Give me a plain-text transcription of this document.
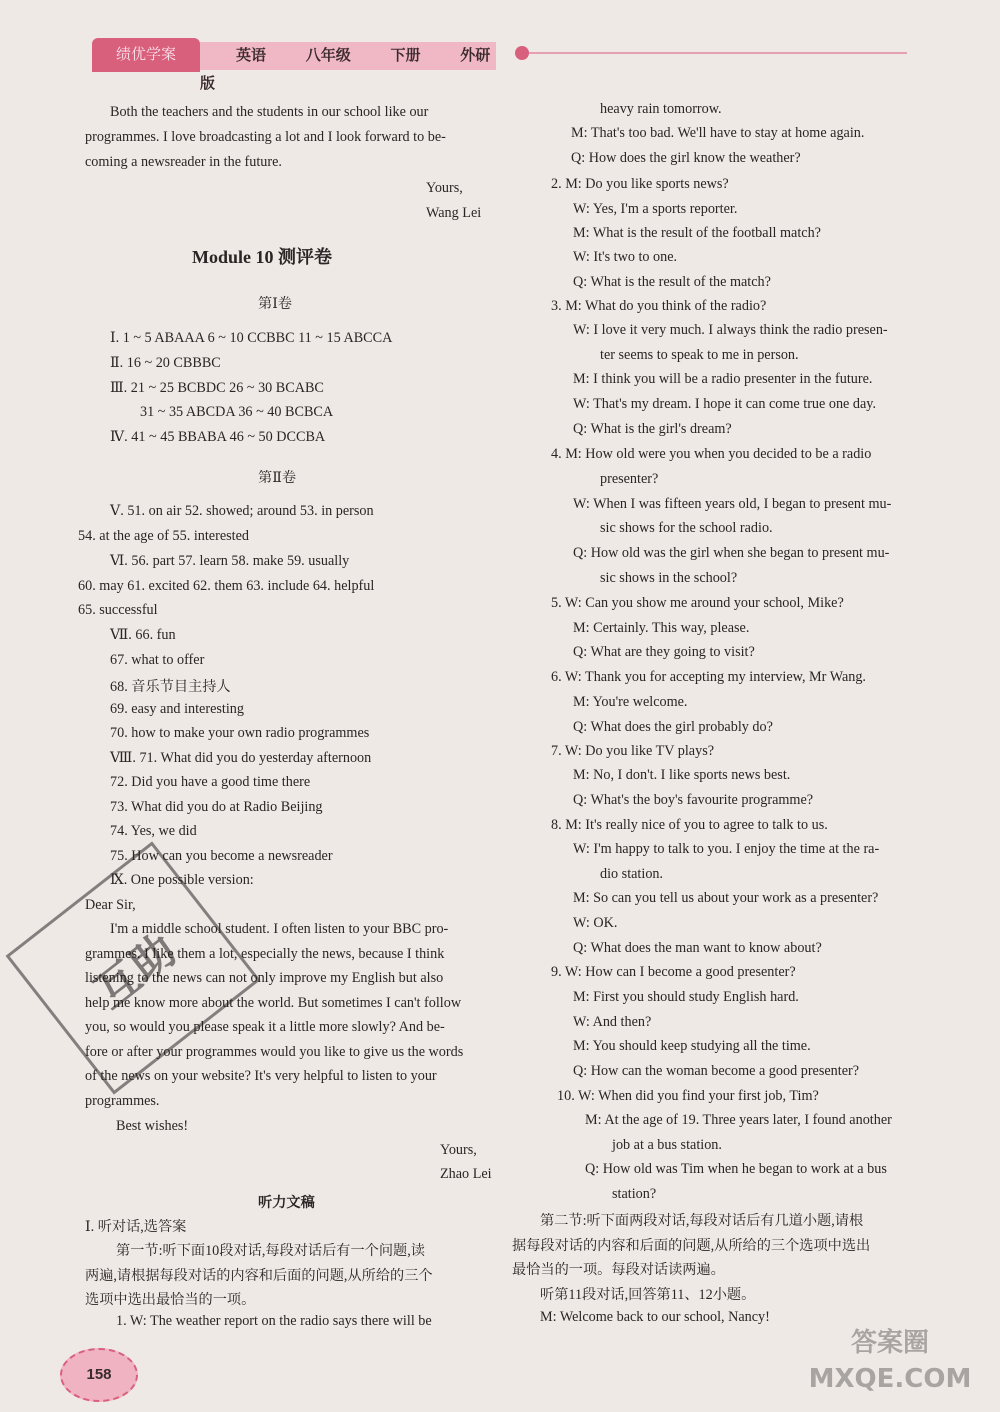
绩优学案	英语	八年级	下册	外研版
Both the teachers and the students in our school like our
programmes. I love broadcasting a lot and I look forward to be-
coming a newsreader in the future.
Yours,
Wang Lei
Module 10 测评卷
第Ⅰ卷
Ⅰ. 1 ~ 5 ABAAA 6 ~ 10 CCBBC 11 ~ 15 ABCCA
Ⅱ. 16 ~ 20 CBBBC
Ⅲ. 21 ~ 25 BCBDC 26 ~ 30 BCABC
31 ~ 35 ABCDA 36 ~ 40 BCBCA
Ⅳ. 41 ~ 45 BBABA 46 ~ 50 DCCBA
第Ⅱ卷
Ⅴ. 51. on air 52. showed; around 53. in person
54. at the age of 55. interested
Ⅵ. 56. part 57. learn 58. make 59. usually
60. may 61. excited 62. them 63. include 64. helpful
65. successful
Ⅶ. 66. fun
67. what to offer
68. 音乐节目主持人
69. easy and interesting
70. how to make your own radio programmes
Ⅷ. 71. What did you do yesterday afternoon
72. Did you have a good time there
73. What did you do at Radio Beijing
74. Yes, we did
75. How can you become a newsreader
Ⅸ. One possible version:
Dear Sir,
I'm a middle school student. I often listen to your BBC pro-
grammes. I like them a lot, especially the news, because I think
listening to the news can not only improve my English but also
help me know more about the world. But sometimes I can't follow
you, so would you please speak it a little more slowly? And be-
fore or after your programmes would you like to give us the words
of the news on your website? It's very helpful to listen to your
programmes.
Best wishes!
Yours,
Zhao Lei
听力文稿
Ⅰ. 听对话,选答案
第一节:听下面10段对话,每段对话后有一个问题,读
两遍,请根据每段对话的内容和后面的问题,从所给的三个
选项中选出最恰当的一项。
1. W: The weather report on the radio says there will be
heavy rain tomorrow.
M: That's too bad. We'll have to stay at home again.
Q: How does the girl know the weather?
2. M: Do you like sports news?
W: Yes, I'm a sports reporter.
M: What is the result of the football match?
W: It's two to one.
Q: What is the result of the match?
3. M: What do you think of the radio?
W: I love it very much. I always think the radio presen-
ter seems to speak to me in person.
M: I think you will be a radio presenter in the future.
W: That's my dream. I hope it can come true one day.
Q: What is the girl's dream?
4. M: How old were you when you decided to be a radio
presenter?
W: When I was fifteen years old, I began to present mu-
sic shows for the school radio.
Q: How old was the girl when she began to present mu-
sic shows in the school?
5. W: Can you show me around your school, Mike?
M: Certainly. This way, please.
Q: What are they going to visit?
6. W: Thank you for accepting my interview, Mr Wang.
M: You're welcome.
Q: What does the girl probably do?
7. W: Do you like TV plays?
M: No, I don't. I like sports news best.
Q: What's the boy's favourite programme?
8. M: It's really nice of you to agree to talk to us.
W: I'm happy to talk to you. I enjoy the time at the ra-
dio station.
M: So can you tell us about your work as a presenter?
W: OK.
Q: What does the man want to know about?
9. W: How can I become a good presenter?
M: First you should study English hard.
W: And then?
M: You should keep studying all the time.
Q: How can the woman become a good presenter?
10. W: When did you find your first job, Tim?
M: At the age of 19. Three years later, I found another
job at a bus station.
Q: How old was Tim when he began to work at a bus
station?
第二节:听下面两段对话,每段对话后有几道小题,请根
据每段对话的内容和后面的问题,从所给的三个选项中选出
最恰当的一项。每段对话读两遍。
听第11段对话,回答第11、12小题。
M: Welcome back to our school, Nancy!
互助
答案圈
MXQE.COM
158
